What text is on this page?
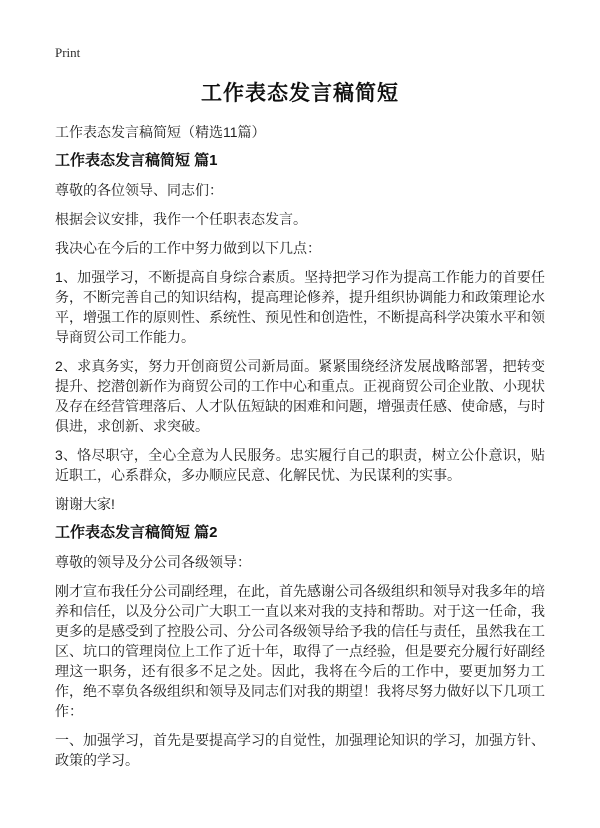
Print
工作表态发言稿简短

工作表态发言稿简短（精选11篇）

工作表态发言稿简短 篇1

尊敬的各位领导、同志们：

根据会议安排，我作一个任职表态发言。

我决心在今后的工作中努力做到以下几点：

1、加强学习，不断提高自身综合素质。坚持把学习作为提高工作能力的首要任务，不断完善自己的知识结构，提高理论修养，提升组织协调能力和政策理论水平，增强工作的原则性、系统性、预见性和创造性，不断提高科学决策水平和领导商贸公司工作能力。

2、求真务实，努力开创商贸公司新局面。紧紧围绕经济发展战略部署，把转变提升、挖潜创新作为商贸公司的工作中心和重点。正视商贸公司企业散、小现状及存在经营管理落后、人才队伍短缺的困难和问题，增强责任感、使命感，与时俱进，求创新、求突破。

3、恪尽职守，全心全意为人民服务。忠实履行自己的职责，树立公仆意识，贴近职工，心系群众，多办顺应民意、化解民忧、为民谋利的实事。

谢谢大家!

工作表态发言稿简短 篇2

尊敬的领导及分公司各级领导：

刚才宣布我任分公司副经理，在此，首先感谢公司各级组织和领导对我多年的培养和信任，以及分公司广大职工一直以来对我的支持和帮助。对于这一任命，我更多的是感受到了控股公司、分公司各级领导给予我的信任与责任，虽然我在工区、坑口的管理岗位上工作了近十年，取得了一点经验，但是要充分履行好副经理这一职务，还有很多不足之处。因此，我将在今后的工作中，要更加努力工作，绝不辜负各级组织和领导及同志们对我的期望！我将尽努力做好以下几项工作：

一、加强学习，首先是要提高学习的自觉性，加强理论知识的学习，加强方针、政策的学习。
